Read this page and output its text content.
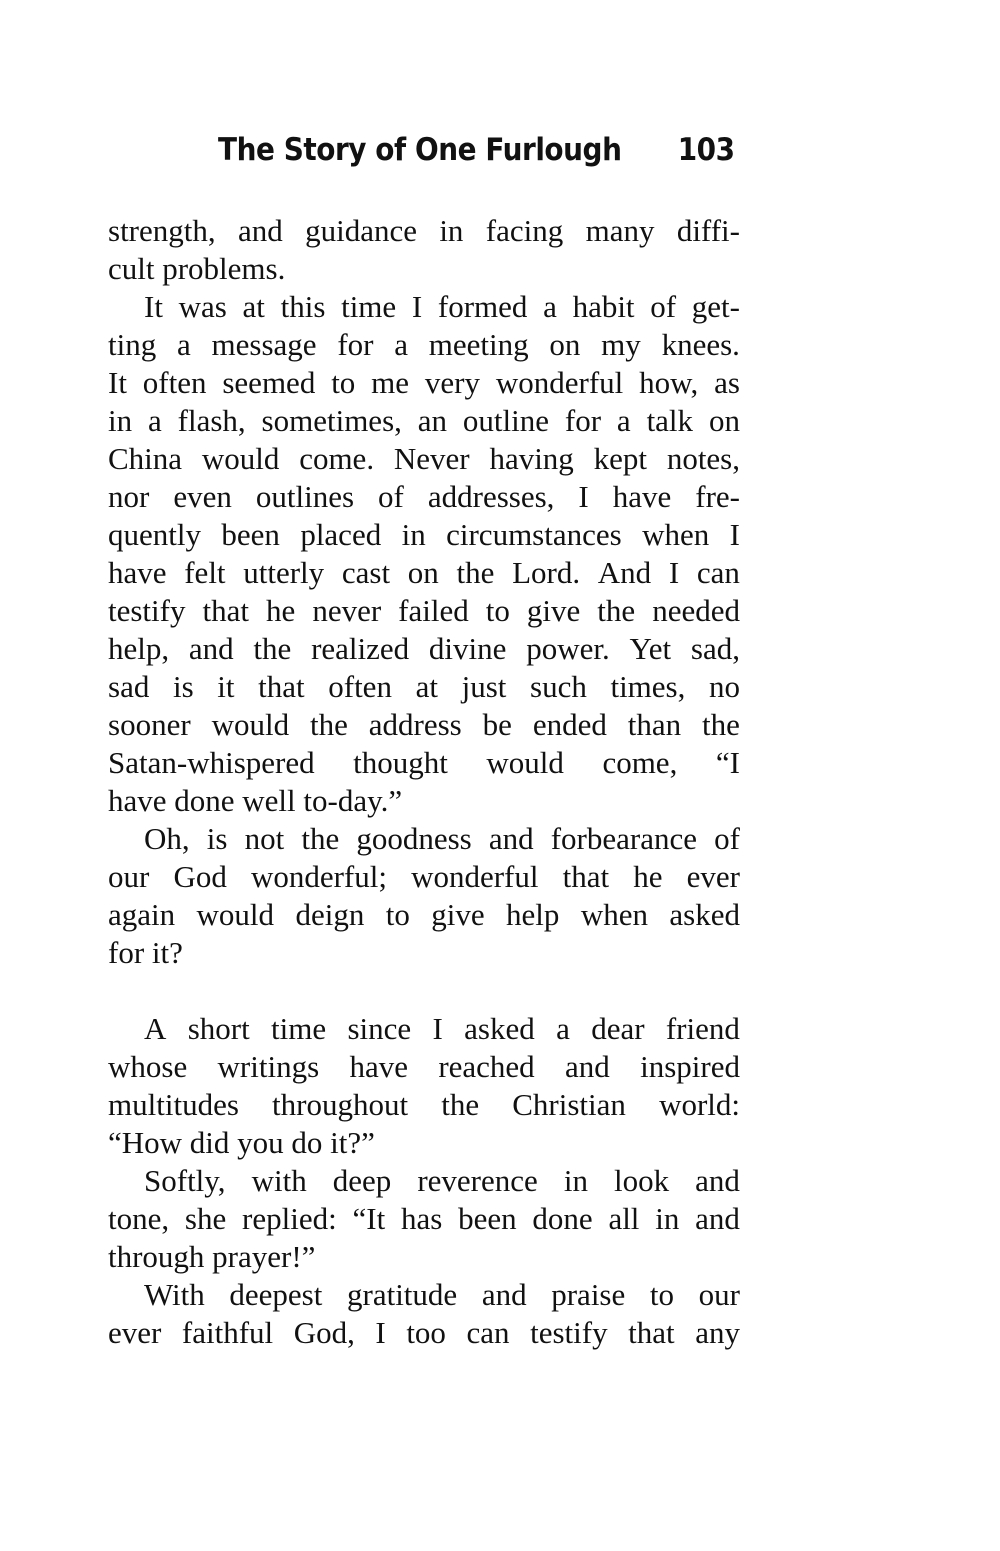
The Story of One Furlough 103
strength, and guidance in facing many diffi-
cult problems.
It was at this time I formed a habit of get-
ting a message for a meeting on my knees.
It often seemed to me very wonderful how, as
in a flash, sometimes, an outline for a talk on
China would come. Never having kept notes,
nor even outlines of addresses, I have fre-
quently been placed in circumstances when I
have felt utterly cast on the Lord. And I can
testify that he never failed to give the needed
help, and the realized divine power. Yet sad,
sad is it that often at just such times, no
sooner would the address be ended than the
Satan-whispered thought would come, “I
have done well to-day.”
Oh, is not the goodness and forbearance of
our God wonderful; wonderful that he ever
again would deign to give help when asked
for it?
A short time since I asked a dear friend
whose writings have reached and inspired
multitudes throughout the Christian world:
“How did you do it?”
Softly, with deep reverence in look and
tone, she replied: “It has been done all in and
through prayer!”
With deepest gratitude and praise to our
ever faithful God, I too can testify that any
